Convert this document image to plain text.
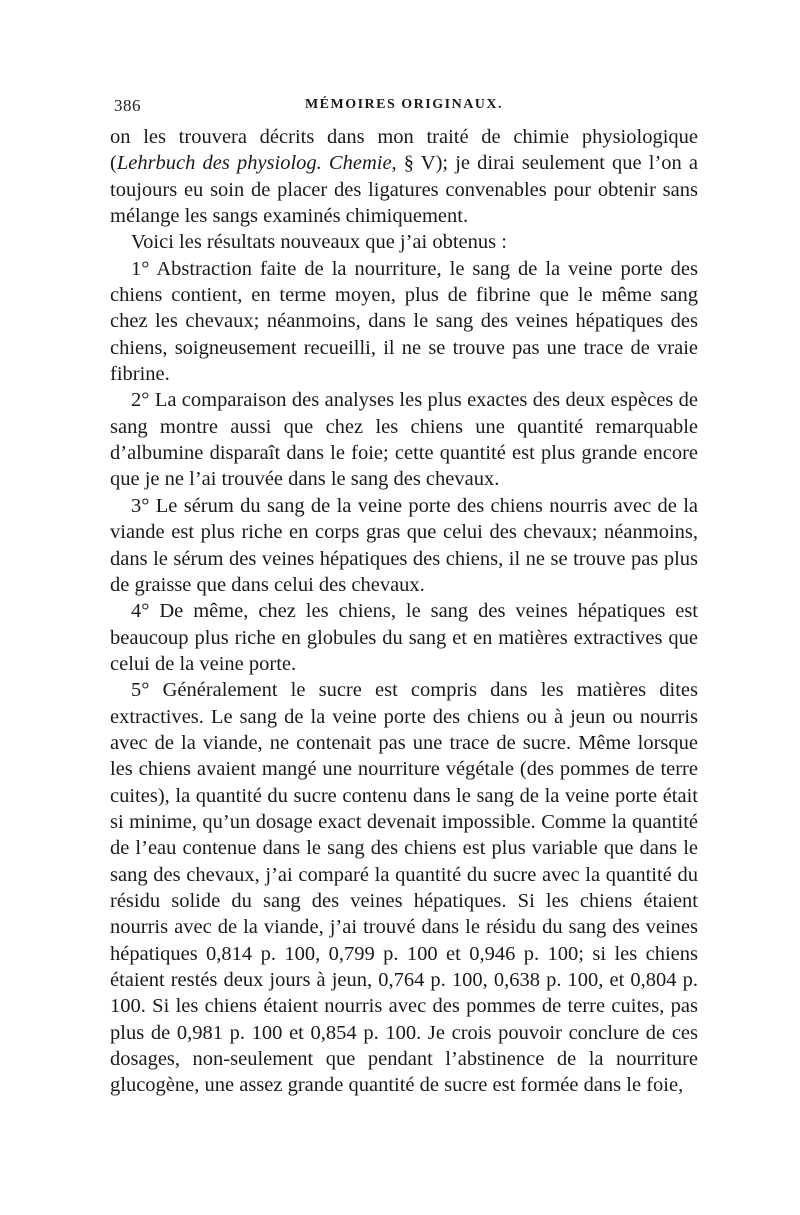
386	MÉMOIRES ORIGINAUX.

on les trouvera décrits dans mon traité de chimie physiologique (Lehrbuch des physiolog. Chemie, § V); je dirai seulement que l’on a toujours eu soin de placer des ligatures convenables pour obtenir sans mélange les sangs examinés chimiquement.

Voici les résultats nouveaux que j’ai obtenus :

1° Abstraction faite de la nourriture, le sang de la veine porte des chiens contient, en terme moyen, plus de fibrine que le même sang chez les chevaux; néanmoins, dans le sang des veines hépatiques des chiens, soigneusement recueilli, il ne se trouve pas une trace de vraie fibrine.

2° La comparaison des analyses les plus exactes des deux espèces de sang montre aussi que chez les chiens une quantité remarquable d’albumine disparaît dans le foie; cette quantité est plus grande encore que je ne l’ai trouvée dans le sang des chevaux.

3° Le sérum du sang de la veine porte des chiens nourris avec de la viande est plus riche en corps gras que celui des chevaux; néanmoins, dans le sérum des veines hépatiques des chiens, il ne se trouve pas plus de graisse que dans celui des chevaux.

4° De même, chez les chiens, le sang des veines hépatiques est beaucoup plus riche en globules du sang et en matières extractives que celui de la veine porte.

5° Généralement le sucre est compris dans les matières dites extractives. Le sang de la veine porte des chiens ou à jeun ou nourris avec de la viande, ne contenait pas une trace de sucre. Même lorsque les chiens avaient mangé une nourriture végétale (des pommes de terre cuites), la quantité du sucre contenu dans le sang de la veine porte était si minime, qu’un dosage exact devenait impossible. Comme la quantité de l’eau contenue dans le sang des chiens est plus variable que dans le sang des chevaux, j’ai comparé la quantité du sucre avec la quantité du résidu solide du sang des veines hépatiques. Si les chiens étaient nourris avec de la viande, j’ai trouvé dans le résidu du sang des veines hépatiques 0,814 p. 100, 0,799 p. 100 et 0,946 p. 100; si les chiens étaient restés deux jours à jeun, 0,764 p. 100, 0,638 p. 100, et 0,804 p. 100. Si les chiens étaient nourris avec des pommes de terre cuites, pas plus de 0,981 p. 100 et 0,854 p. 100. Je crois pouvoir conclure de ces dosages, non-seulement que pendant l’abstinence de la nourriture glucogène, une assez grande quantité de sucre est formée dans le foie,
